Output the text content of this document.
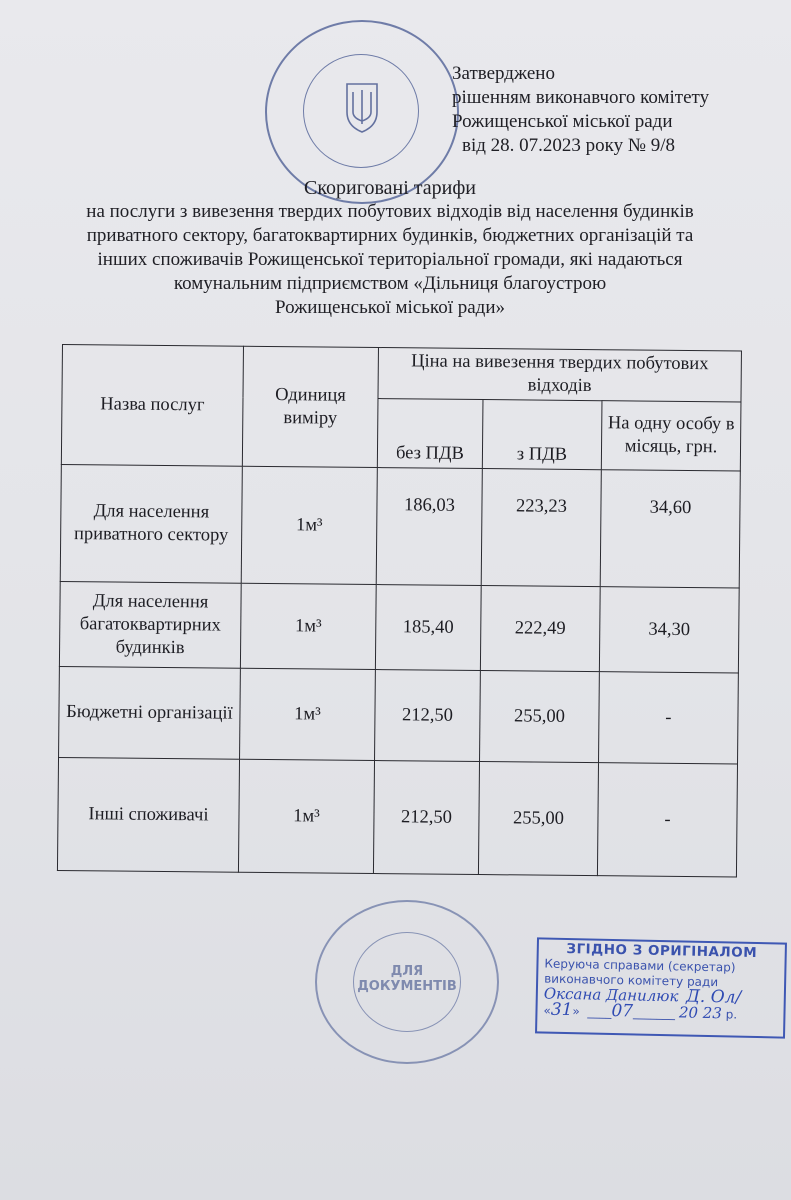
Затверджено
рішенням виконавчого комітету
Рожищенської міської ради
від 28. 07.2023 року № 9/8
Скориговані тарифи
на послуги з вивезення твердих побутових відходів від населення будинків
приватного сектору, багатоквартирних будинків, бюджетних організацій та
інших споживачів Рожищенської територіальної громади, які надаються
комунальним підприємством «Дільниця благоустрою
Рожищенської міської ради»
Назва послуг	Одиниця виміру	Ціна на вивезення твердих побутових відходів		
		без ПДВ	з ПДВ	На одну особу в місяць, грн.
Для населення приватного сектору	1м³	186,03	223,23	34,60
Для населення багатоквартирних будинків	1м³	185,40	222,49	34,30
Бюджетні організації	1м³	212,50	255,00	-
Інші споживачі	1м³	212,50	255,00	-
ДЛЯ
ДОКУМЕНТІВ
ЗГІДНО З ОРИГІНАЛОМ
Керуюча справами (секретар)
виконавчого комітету ради
Оксана Данилюк Д. Ол/
«31»  ____07_______ 20 23 р.
